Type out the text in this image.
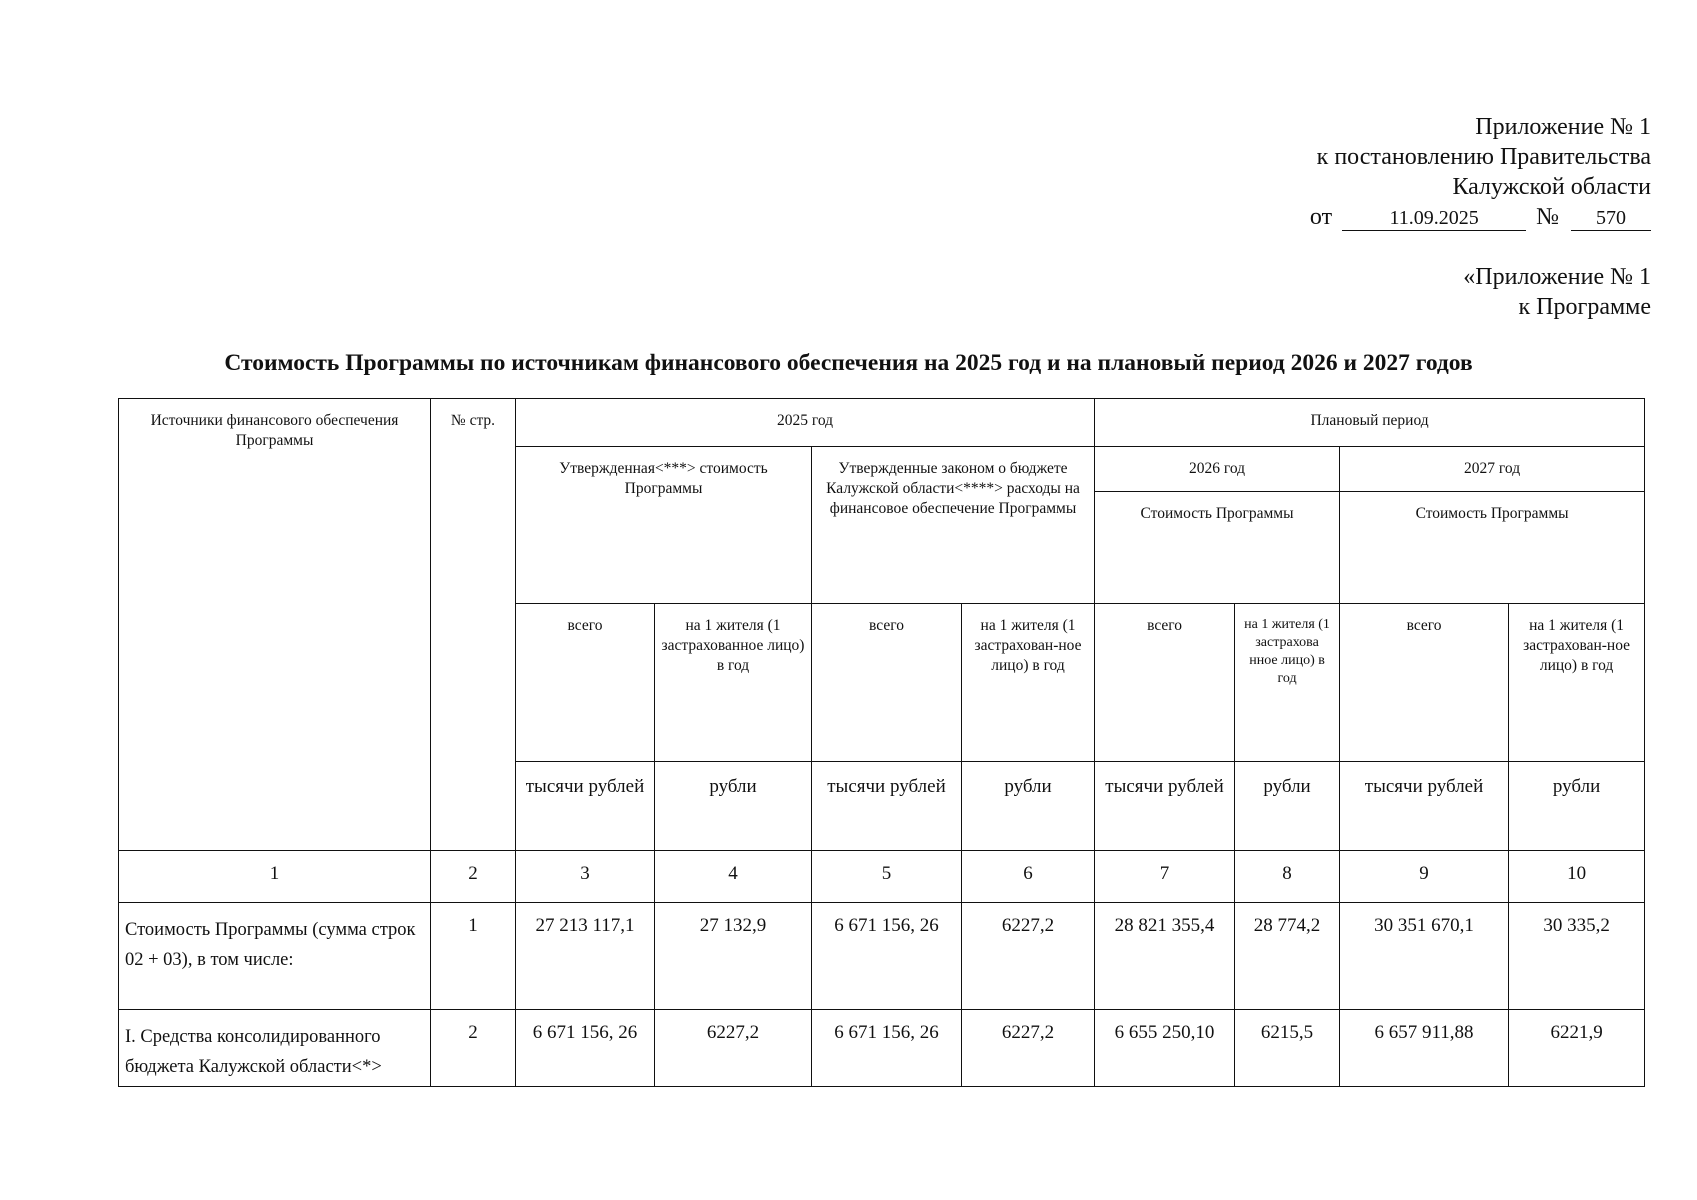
Приложение № 1
к постановлению Правительства
Калужской области
от	11.09.2025 № 570
«Приложение № 1
к Программе
Стоимость Программы по источникам финансового обеспечения на 2025 год и на плановый период 2026 и 2027 годов
Источники финансового обеспечения Программы	№ стр.	2025 год				Плановый период			
		Утвержденная<***> стоимость Программы		Утвержденные законом о бюджете Калужской области<****> расходы на финансовое обеспечение Программы		2026 год		2027 год	
						Стоимость Программы		Стоимость Программы	
		всего	на 1 жителя (1 застрахованное лицо) в год	всего	на 1 жителя (1 застрахован-ное лицо) в год	всего	на 1 жителя (1 застрахова нное лицо) в год	всего	на 1 жителя (1 застрахован-ное лицо) в год
		тысячи рублей	рубли	тысячи рублей	рубли	тысячи рублей	рубли	тысячи рублей	рубли
1	2	3	4	5	6	7	8	9	10
Стоимость Программы (сумма строк 02 + 03), в том числе:	1	27 213 117,1	27 132,9	6 671 156, 26	6227,2	28 821 355,4	28 774,2	30 351 670,1	30 335,2
I. Средства консолидированного бюджета Калужской области<*>	2	6 671 156, 26	6227,2	6 671 156, 26	6227,2	6 655 250,10	6215,5	6 657 911,88	6221,9
